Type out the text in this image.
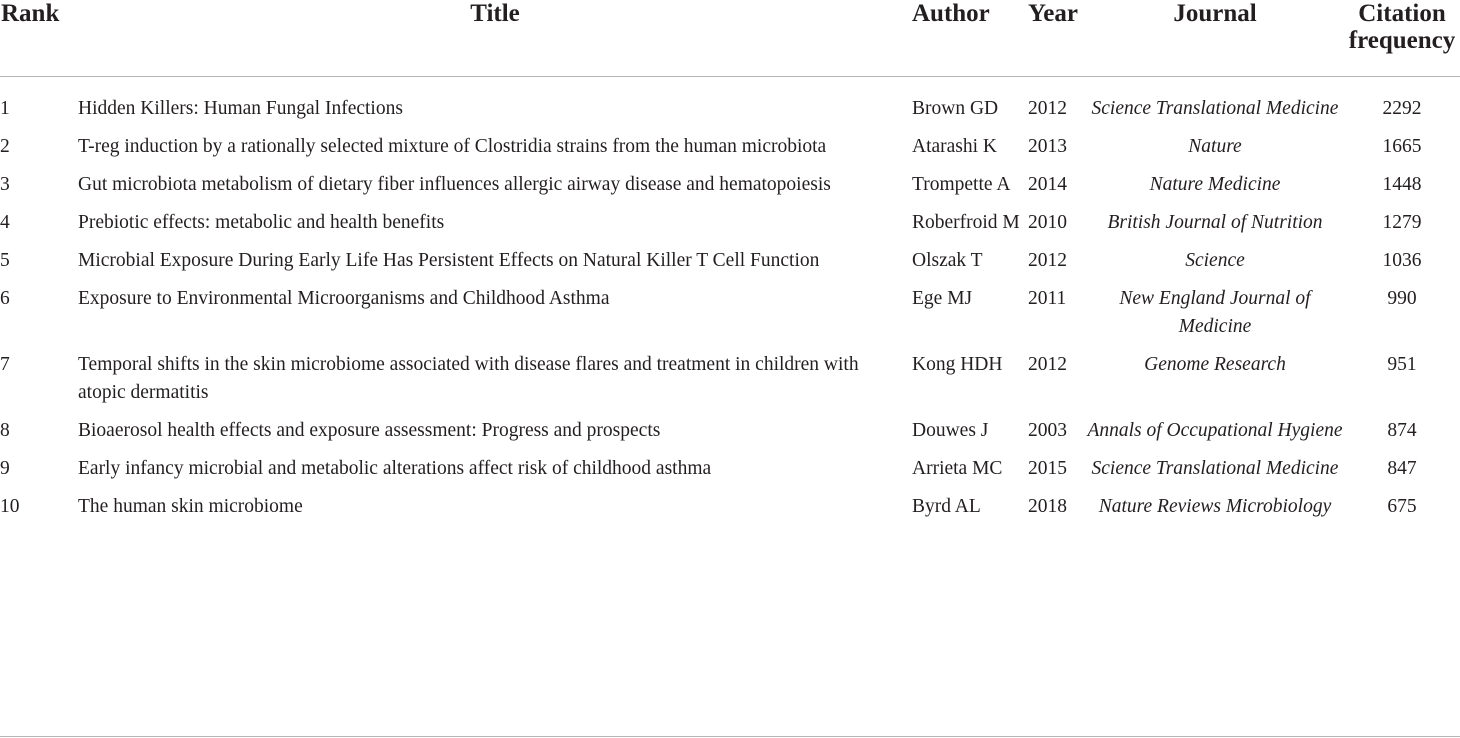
Rank	Title	Author	Year	Journal	Citation frequency
1	Hidden Killers: Human Fungal Infections	Brown GD	2012	Science Translational Medicine	2292
2	T-reg induction by a rationally selected mixture of Clostridia strains from the human microbiota	Atarashi K	2013	Nature	1665
3	Gut microbiota metabolism of dietary fiber influences allergic airway disease and hematopoiesis	Trompette A	2014	Nature Medicine	1448
4	Prebiotic effects: metabolic and health benefits	Roberfroid M	2010	British Journal of Nutrition	1279
5	Microbial Exposure During Early Life Has Persistent Effects on Natural Killer T Cell Function	Olszak T	2012	Science	1036
6	Exposure to Environmental Microorganisms and Childhood Asthma	Ege MJ	2011	New England Journal of Medicine	990
7	Temporal shifts in the skin microbiome associated with disease flares and treatment in children with atopic dermatitis	Kong HDH	2012	Genome Research	951
8	Bioaerosol health effects and exposure assessment: Progress and prospects	Douwes J	2003	Annals of Occupational Hygiene	874
9	Early infancy microbial and metabolic alterations affect risk of childhood asthma	Arrieta MC	2015	Science Translational Medicine	847
10	The human skin microbiome	Byrd AL	2018	Nature Reviews Microbiology	675
